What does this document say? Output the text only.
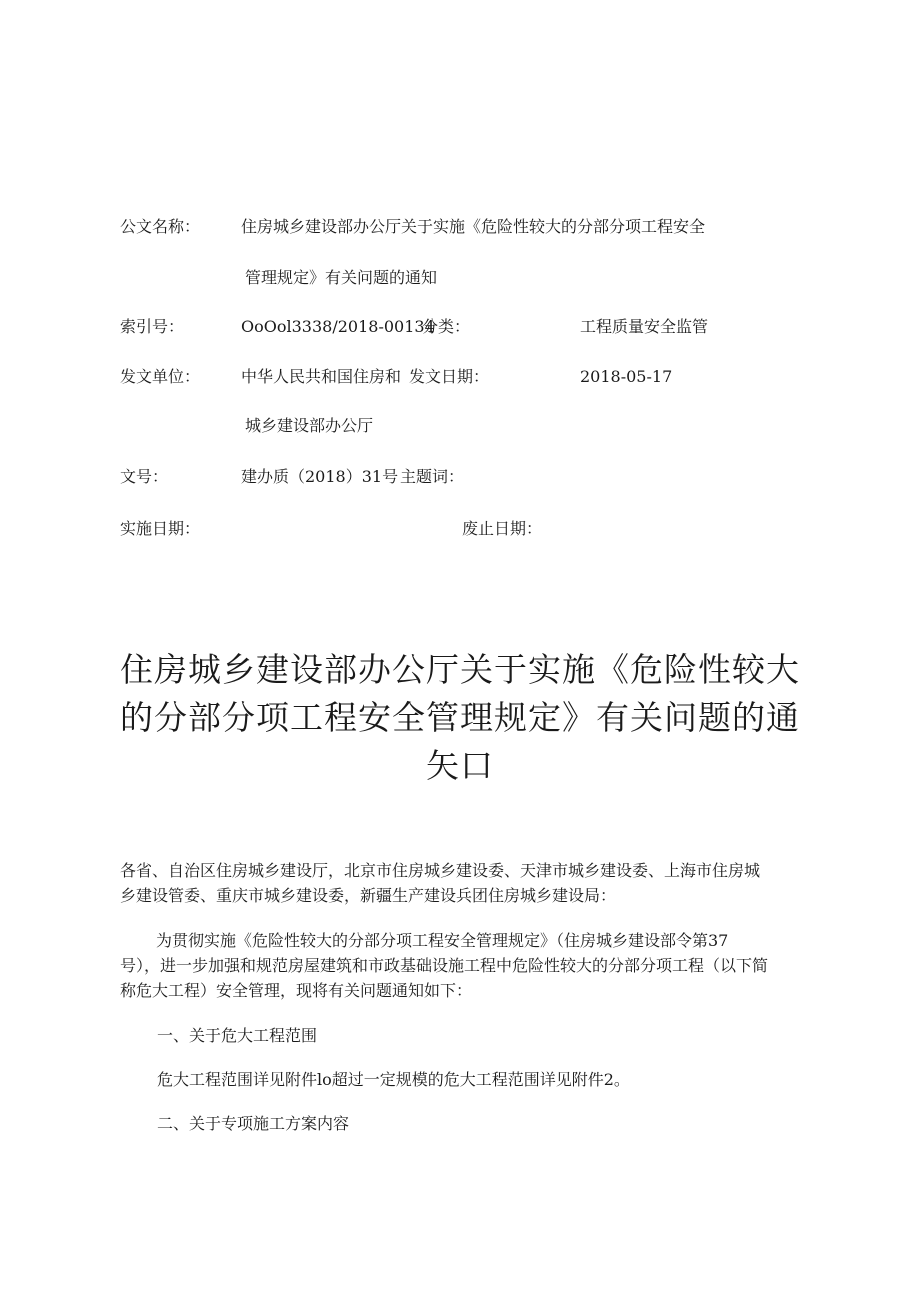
公文名称：	住房城乡建设部办公厅关于实施《危险性较大的分部分项工程安全
管理规定》有关问题的通知
索引号：	OoOol3338/2018-00134
分类：	工程质量安全监管
发文单位：	中华人民共和国住房和 发文日期：	2018-05-17
城乡建设部办公厅
文号：	建办质（2018）31号 主题词：
实施日期：	废止日期：
住房城乡建设部办公厅关于实施《危险性较大
的分部分项工程安全管理规定》有关问题的通
矢口
各省、自治区住房城乡建设厅，北京市住房城乡建设委、天津市城乡建设委、上海市住房城
乡建设管委、重庆市城乡建设委，新疆生产建设兵团住房城乡建设局：
为贯彻实施《危险性较大的分部分项工程安全管理规定》（住房城乡建设部令第37
号），进一步加强和规范房屋建筑和市政基础设施工程中危险性较大的分部分项工程（以下简
称危大工程）安全管理，现将有关问题通知如下：
一、关于危大工程范围
危大工程范围详见附件lo超过一定规模的危大工程范围详见附件2。
二、关于专项施工方案内容
